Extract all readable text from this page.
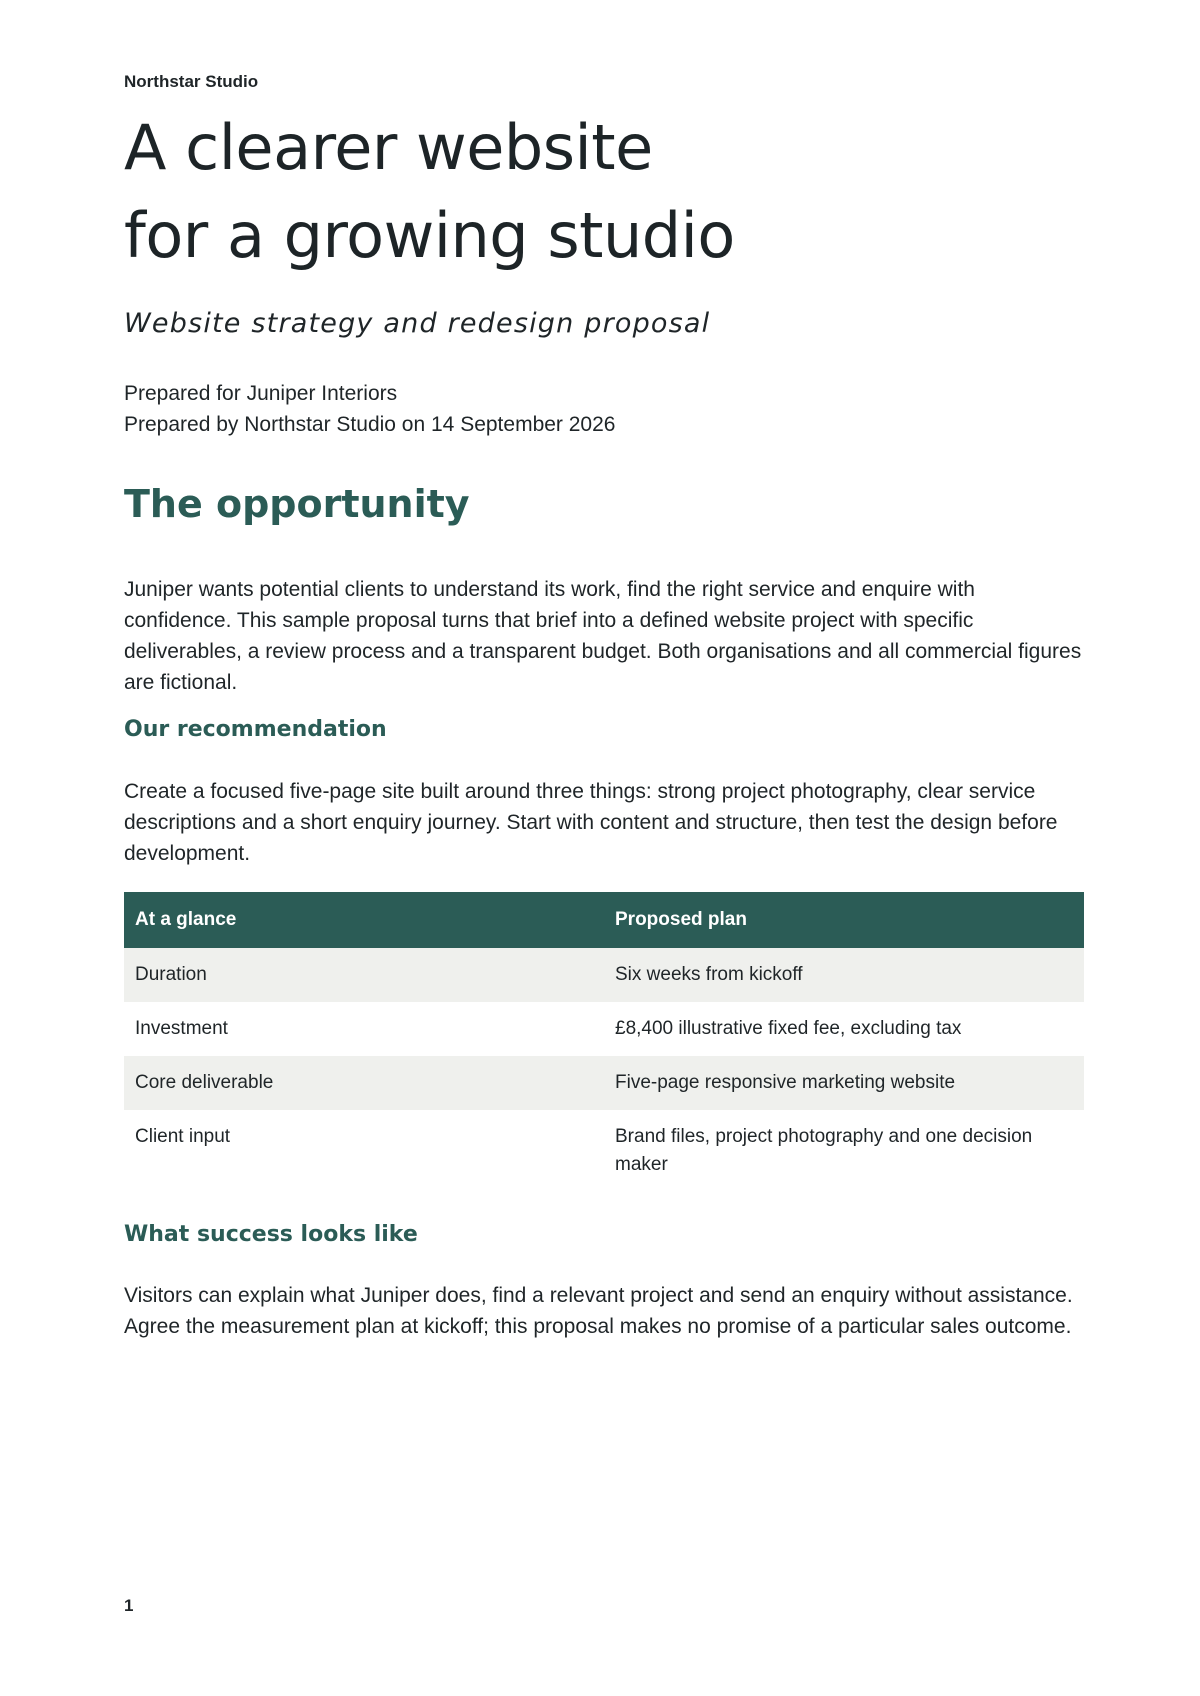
Northstar Studio
A clearer website
for a growing studio
Website strategy and redesign proposal
Prepared for Juniper Interiors
Prepared by Northstar Studio on 14 September 2026
The opportunity

Juniper wants potential clients to understand its work, find the right service and enquire with confidence. This sample proposal turns that brief into a defined website project with specific deliverables, a review process and a transparent budget. Both organisations and all commercial figures are fictional.

Our recommendation

Create a focused five-page site built around three things: strong project photography, clear service descriptions and a short enquiry journey. Start with content and structure, then test the design before development.

At a glance	Proposed plan
Duration	Six weeks from kickoff
Investment	£8,400 illustrative fixed fee, excluding tax
Core deliverable	Five-page responsive marketing website
Client input	Brand files, project photography and one decision maker
What success looks like

Visitors can explain what Juniper does, find a relevant project and send an enquiry without assistance. Agree the measurement plan at kickoff; this proposal makes no promise of a particular sales outcome.

1
